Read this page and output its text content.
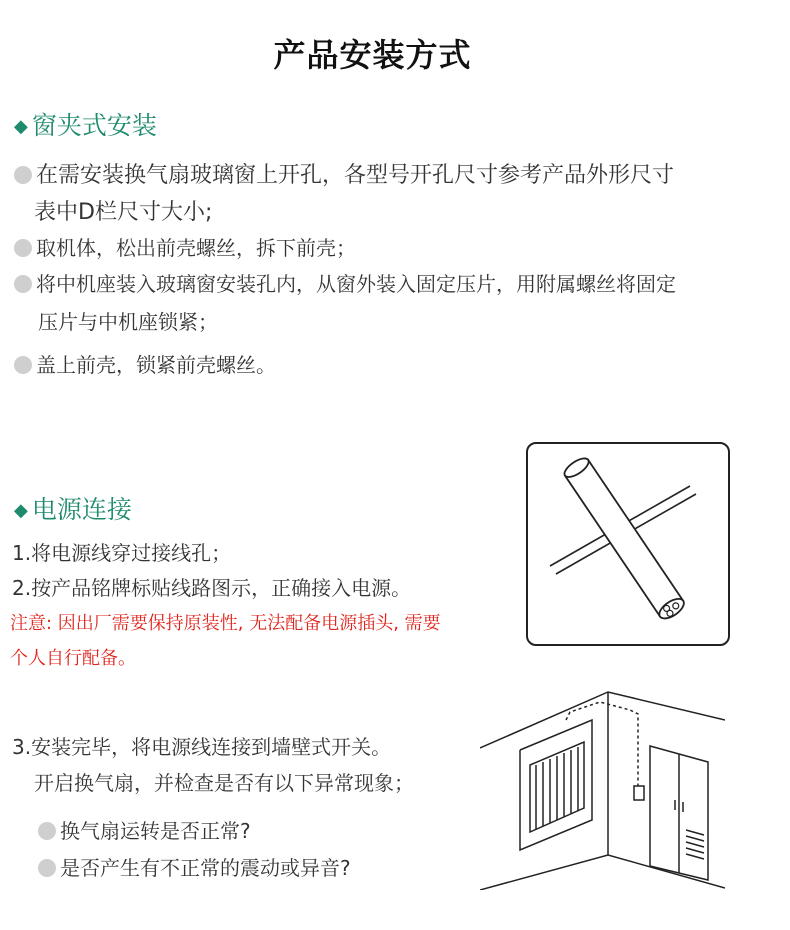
产品安装方式
◆ 窗夹式安装
在需安装换气扇玻璃窗上开孔，各型号开孔尺寸参考产品外形尺寸
表中D栏尺寸大小;
取机体，松出前壳螺丝，拆下前壳；
将中机座装入玻璃窗安装孔内，从窗外装入固定压片，用附属螺丝将固定
压片与中机座锁紧；
盖上前壳，锁紧前壳螺丝。
◆ 电源连接
1.将电源线穿过接线孔；
2.按产品铭牌标贴线路图示，正确接入电源。
注意: 因出厂需要保持原装性, 无法配备电源插头, 需要
个人自行配备。
3.安装完毕，将电源线连接到墙壁式开关。
开启换气扇，并检查是否有以下异常现象；
换气扇运转是否正常?
是否产生有不正常的震动或异音?
